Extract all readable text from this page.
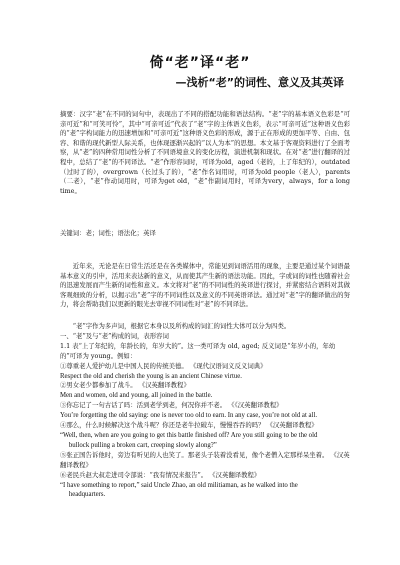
倚“老”译“老”
—浅析“老”的词性、意义及其英译
摘要：汉字“老”在不同的词句中，表现出了不同的搭配功能和语法结构。“老”字的基本语义色彩是“可亲可近”和“可笑可怜”，其中“可亲可近”代表了“老”字的主体语义色彩，表示“可亲可近”这种语义色彩的“老”字构词能力的迅速增加和“可亲可近”这种语义色彩的形成，源于正在形成的更加平等、自由、包容、和谐的现代新型人际关系，也体现逐渐兴起的“以人为本”的思想。本文基于客观资料进行了全面考察，从“老”的四种常用词性分析了不同语境意义的变化历程，演进机制和现状。在对“老”进行翻译的过程中，总结了“老”的不同译法。“老”作形容词时，可译为old，aged（老的，上了年纪的），outdated（过时了的），overgrown（长过头了的），“老”作名词用时，可译为old people（老人），parents（二老），“老”作动词用时，可译为get old，“老”作副词用时，可译为very，always，for a long time。
关键词：老；词性；语法化；英译
近年来，无论是在日常生活还是在各类媒体中，常能见到词语活用的现象，主要是通过某个词语最基本意义的引申，活用来表达新的意义，从而使其产生新的语法功能。因此，字或词的词性也随着社会的迅速发展而产生新的词性和意义。本文将对“老”的不同词性的英译进行探讨，并紧密结合语料对其做客观细致的分析，以揭示出“老”字的不同词性以及意义的不同英语译法。通过对“老”字的翻译做出的努力，将会帮助我们以更新的眼光去审视不同词性对“老”的不同译法。

“老”字作为多声词，根据它本身以及所构成的词汇的词性大体可以分为四类。

一、“老”及与“老”构成的词，表形容词

1.1 表“上了年纪的，年龄长的，年岁大的”。这一类可译为 old, aged; 反义词是“年岁小的，年幼的”可译为 young。例如：

①尊重老人爱护幼儿是中国人民的传统美德。 《现代汉语词义反义词典》

Respect the old and cherish the young is an ancient Chinese virtue.

②男女老少都参加了战斗。 《汉英翻译教程》

Men and women, old and young, all joined in the battle.

③你忘记了一句古话了吗：活到老学到老，何况你并不老。 《《汉英翻译教程》

You’re forgetting the old saying: one is never too old to earn. In any case, you’re not old at all.

④那么，什么时候解决这个战斗呢？你还是老牛拉破车，慢慢吞吞的吗？ 《汉英翻译教程》

“Well, then, when are you going to get this battle finished off? Are you still going to be the old

bullock pulling a broken cart, creeping slowly along?”

⑤张正国告诉他时，旁边有听见的人也笑了。那老头子装着没看见，像个老僧入定那样呆坐着。 《汉英翻译教程》

⑥老民兵赵大叔走进司令部说：“我有情况来报告”。 《汉英翻译教程》

“I have something to report,” said Uncle Zhao, an old militiaman, as he walked into the

headquarters.
